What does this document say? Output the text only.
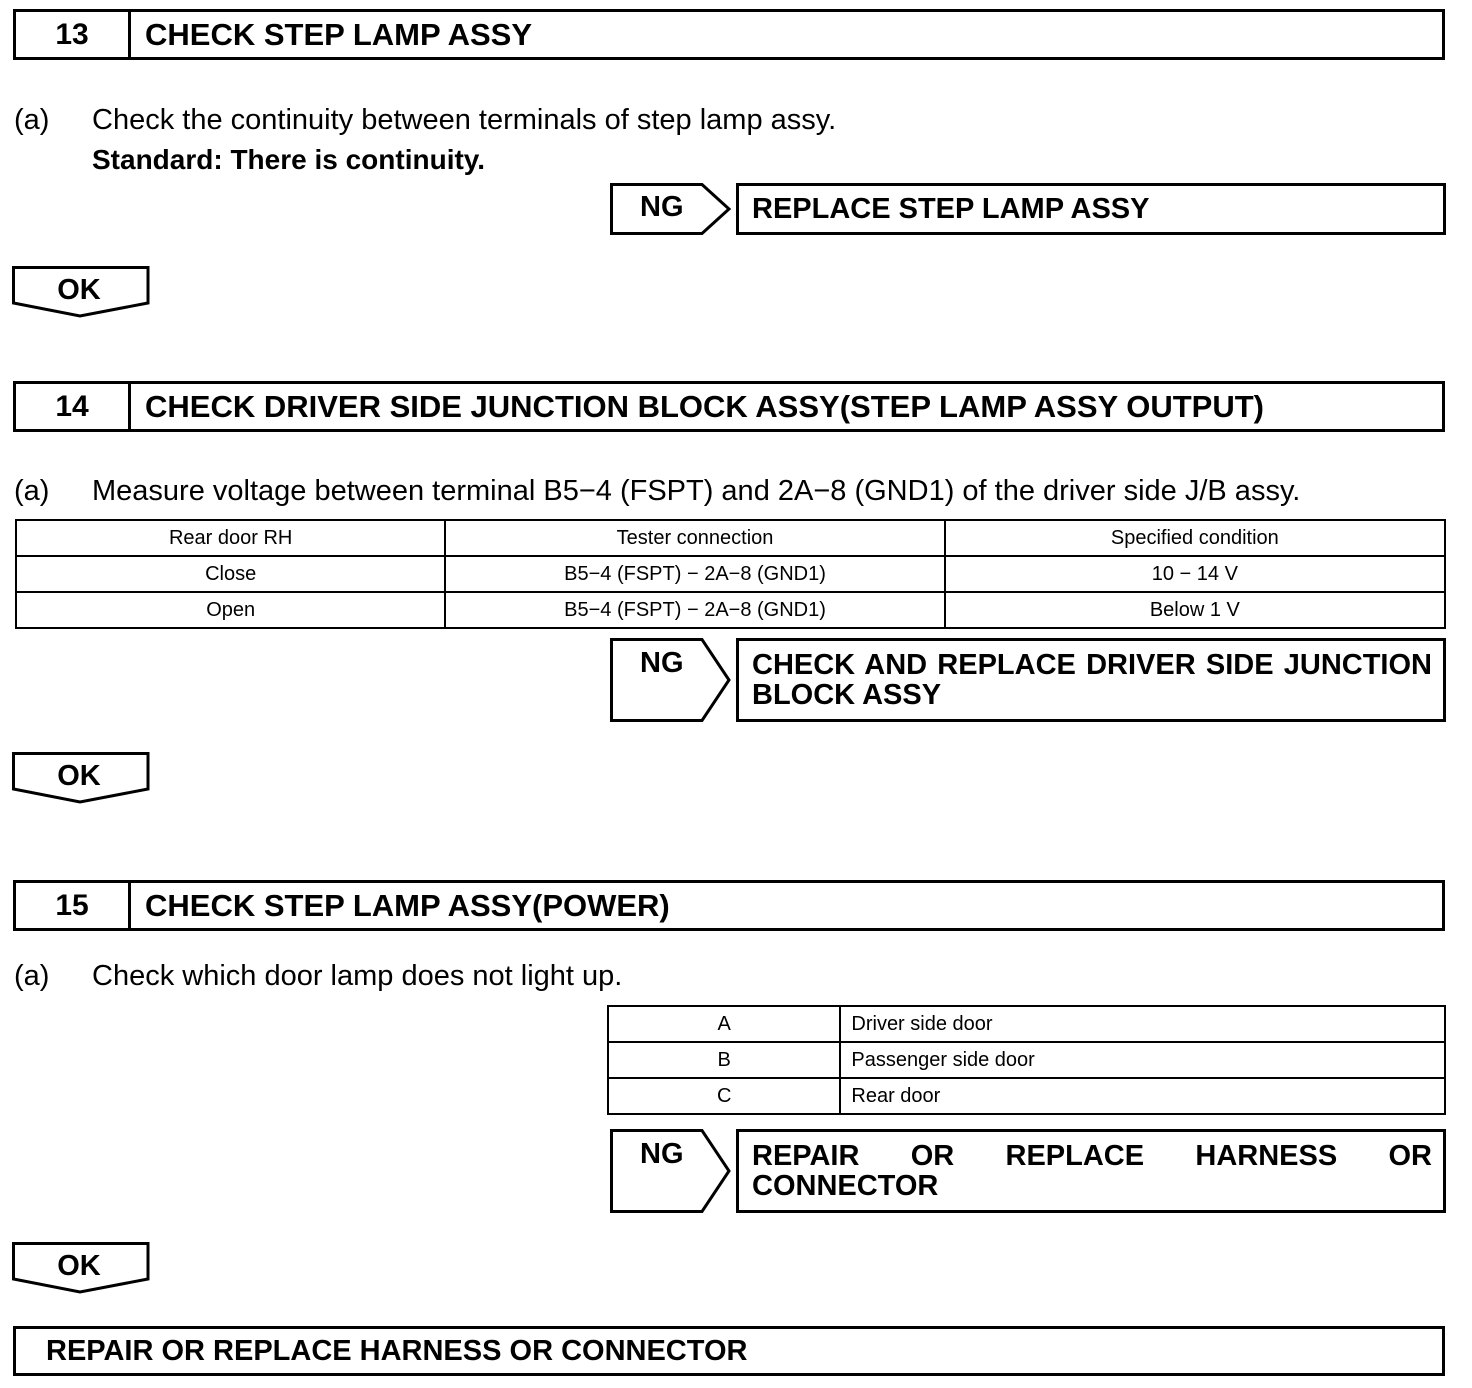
13	CHECK STEP LAMP ASSY
(a) Check the continuity between terminals of step lamp assy.
Standard: There is continuity.
NG	REPLACE STEP LAMP ASSY
OK
14	CHECK DRIVER SIDE JUNCTION BLOCK ASSY(STEP LAMP ASSY OUTPUT)
(a) Measure voltage between terminal B5−4 (FSPT) and 2A−8 (GND1) of the driver side J/B assy.
Rear door RH	Tester connection	Specified condition
Close	B5−4 (FSPT) − 2A−8 (GND1)	10 − 14 V
Open	B5−4 (FSPT) − 2A−8 (GND1)	Below 1 V
NG	CHECK AND REPLACE DRIVER SIDE JUNCTION BLOCK ASSY
OK
15	CHECK STEP LAMP ASSY(POWER)
(a) Check which door lamp does not light up.
A	Driver side door
B	Passenger side door
C	Rear door
NG	REPAIR OR REPLACE HARNESS OR CONNECTOR
OK
REPAIR OR REPLACE HARNESS OR CONNECTOR
